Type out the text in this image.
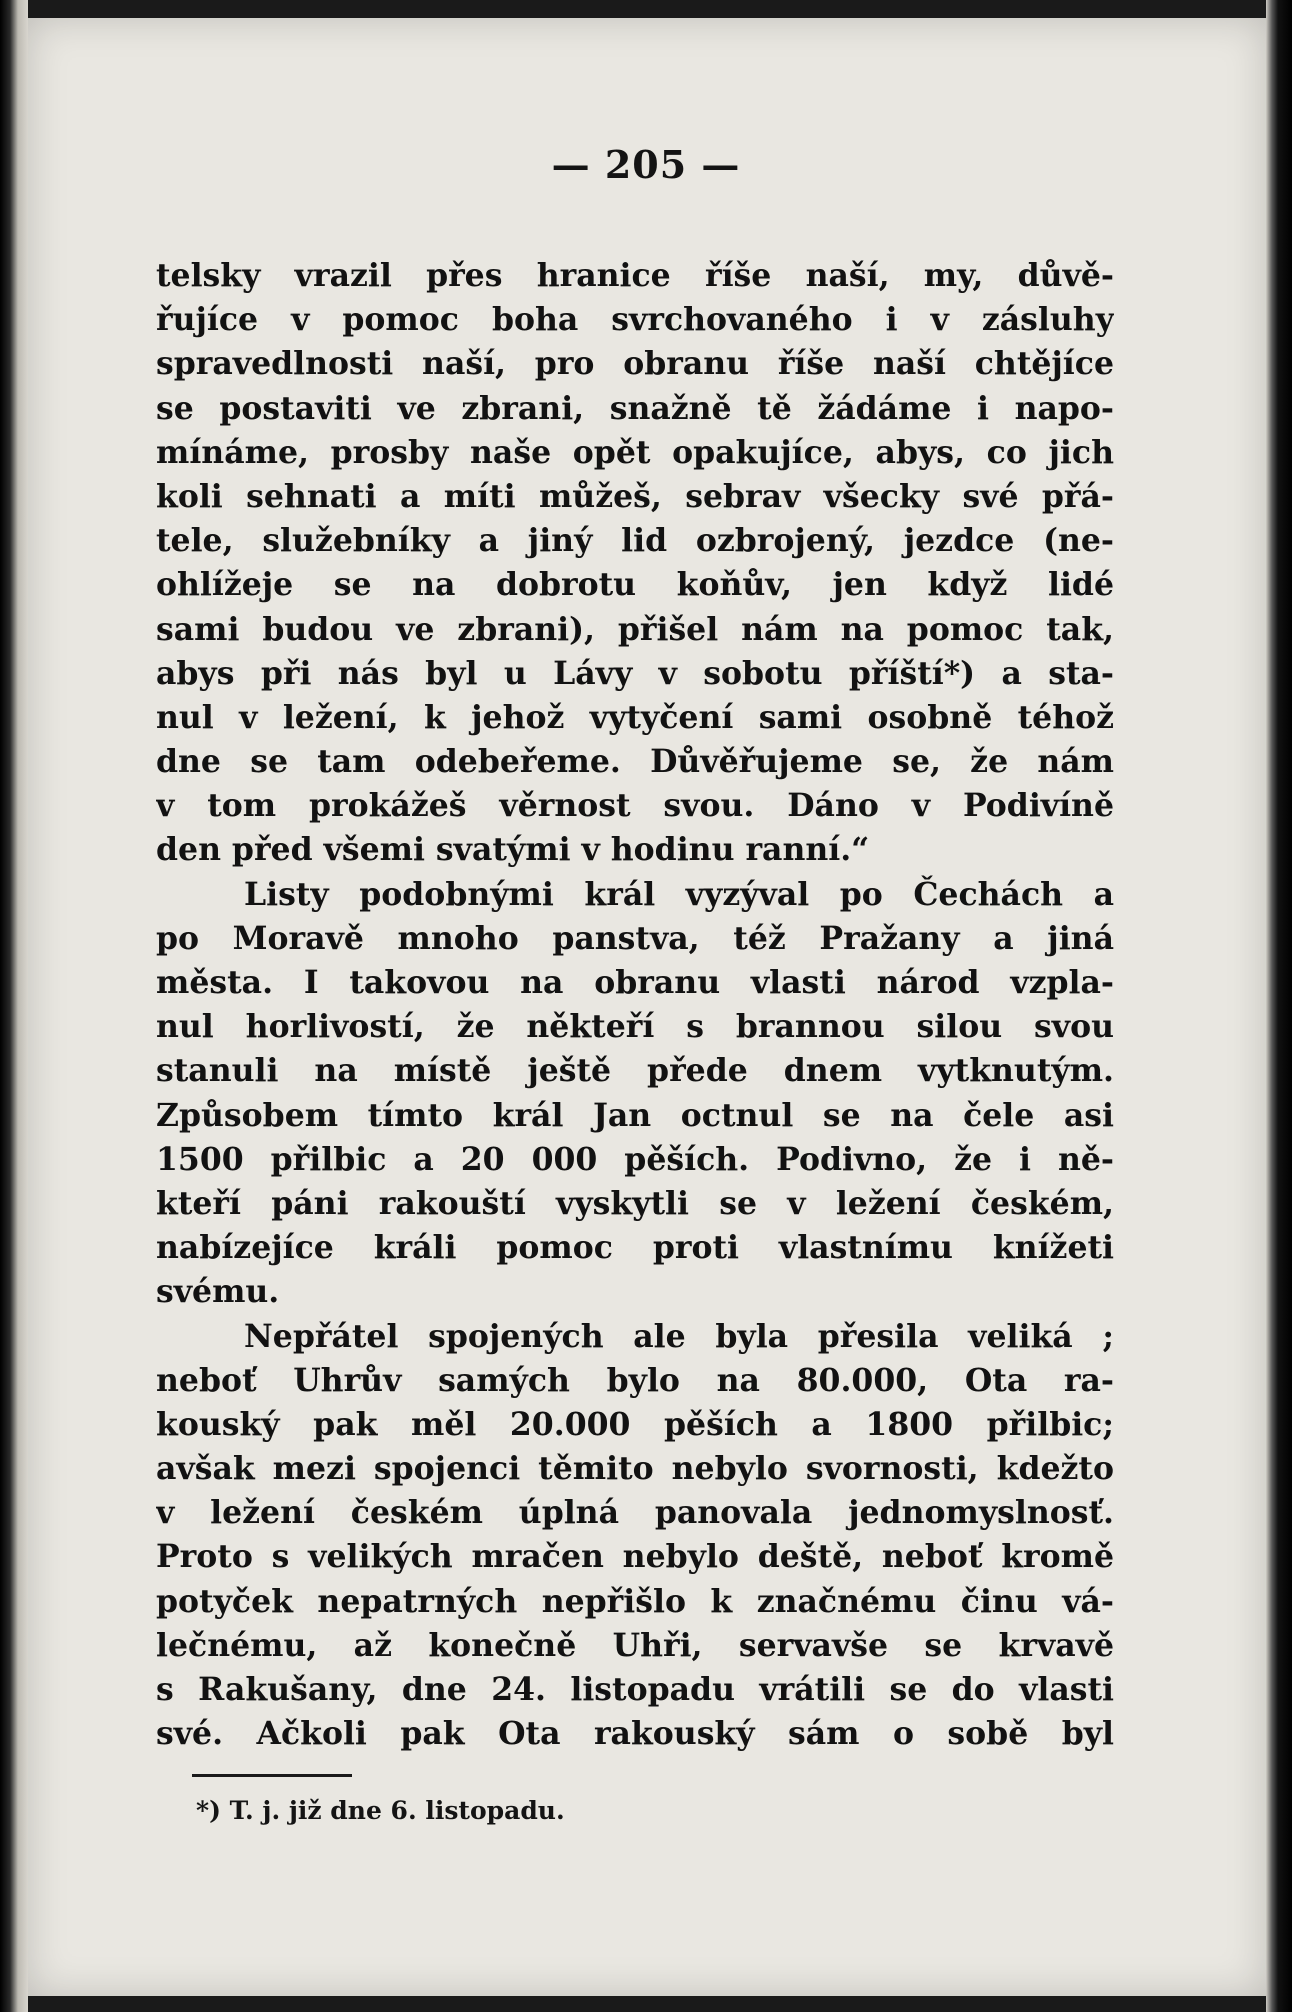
— 205 —
telsky vrazil přes hranice říše naší, my, důvě-
řujíce v pomoc boha svrchovaného i v zásluhy
spravedlnosti naší, pro obranu říše naší chtějíce
se postaviti ve zbrani, snažně tě žádáme i napo-
mínáme, prosby naše opět opakujíce, abys, co jich
koli sehnati a míti můžeš, sebrav všecky své přá-
tele, služebníky a jiný lid ozbrojený, jezdce (ne-
ohlížeje se na dobrotu koňův, jen když lidé
sami budou ve zbrani), přišel nám na pomoc tak,
abys při nás byl u Lávy v sobotu příští*) a sta-
nul v ležení, k jehož vytyčení sami osobně téhož
dne se tam odebeřeme. Důvěřujeme se, že nám
v tom prokážeš věrnost svou. Dáno v Podivíně
den před všemi svatými v hodinu ranní.“
Listy podobnými král vyzýval po Čechách a
po Moravě mnoho panstva, též Pražany a jiná
města. I takovou na obranu vlasti národ vzpla-
nul horlivostí, že někteří s brannou silou svou
stanuli na místě ještě přede dnem vytknutým.
Způsobem tímto král Jan octnul se na čele asi
1500 přilbic a 20 000 pěších. Podivno, že i ně-
kteří páni rakouští vyskytli se v ležení českém,
nabízejíce králi pomoc proti vlastnímu knížeti
svému.
Nepřátel spojených ale byla přesila veliká ;
neboť Uhrův samých bylo na 80.000, Ota ra-
kouský pak měl 20.000 pěších a 1800 přilbic;
avšak mezi spojenci těmito nebylo svornosti, kdežto
v ležení českém úplná panovala jednomyslnosť.
Proto s velikých mračen nebylo deště, neboť kromě
potyček nepatrných nepřišlo k značnému činu vá-
lečnému, až konečně Uhři, servavše se krvavě
s Rakušany, dne 24. listopadu vrátili se do vlasti
své. Ačkoli pak Ota rakouský sám o sobě byl
*) T. j. již dne 6. listopadu.
